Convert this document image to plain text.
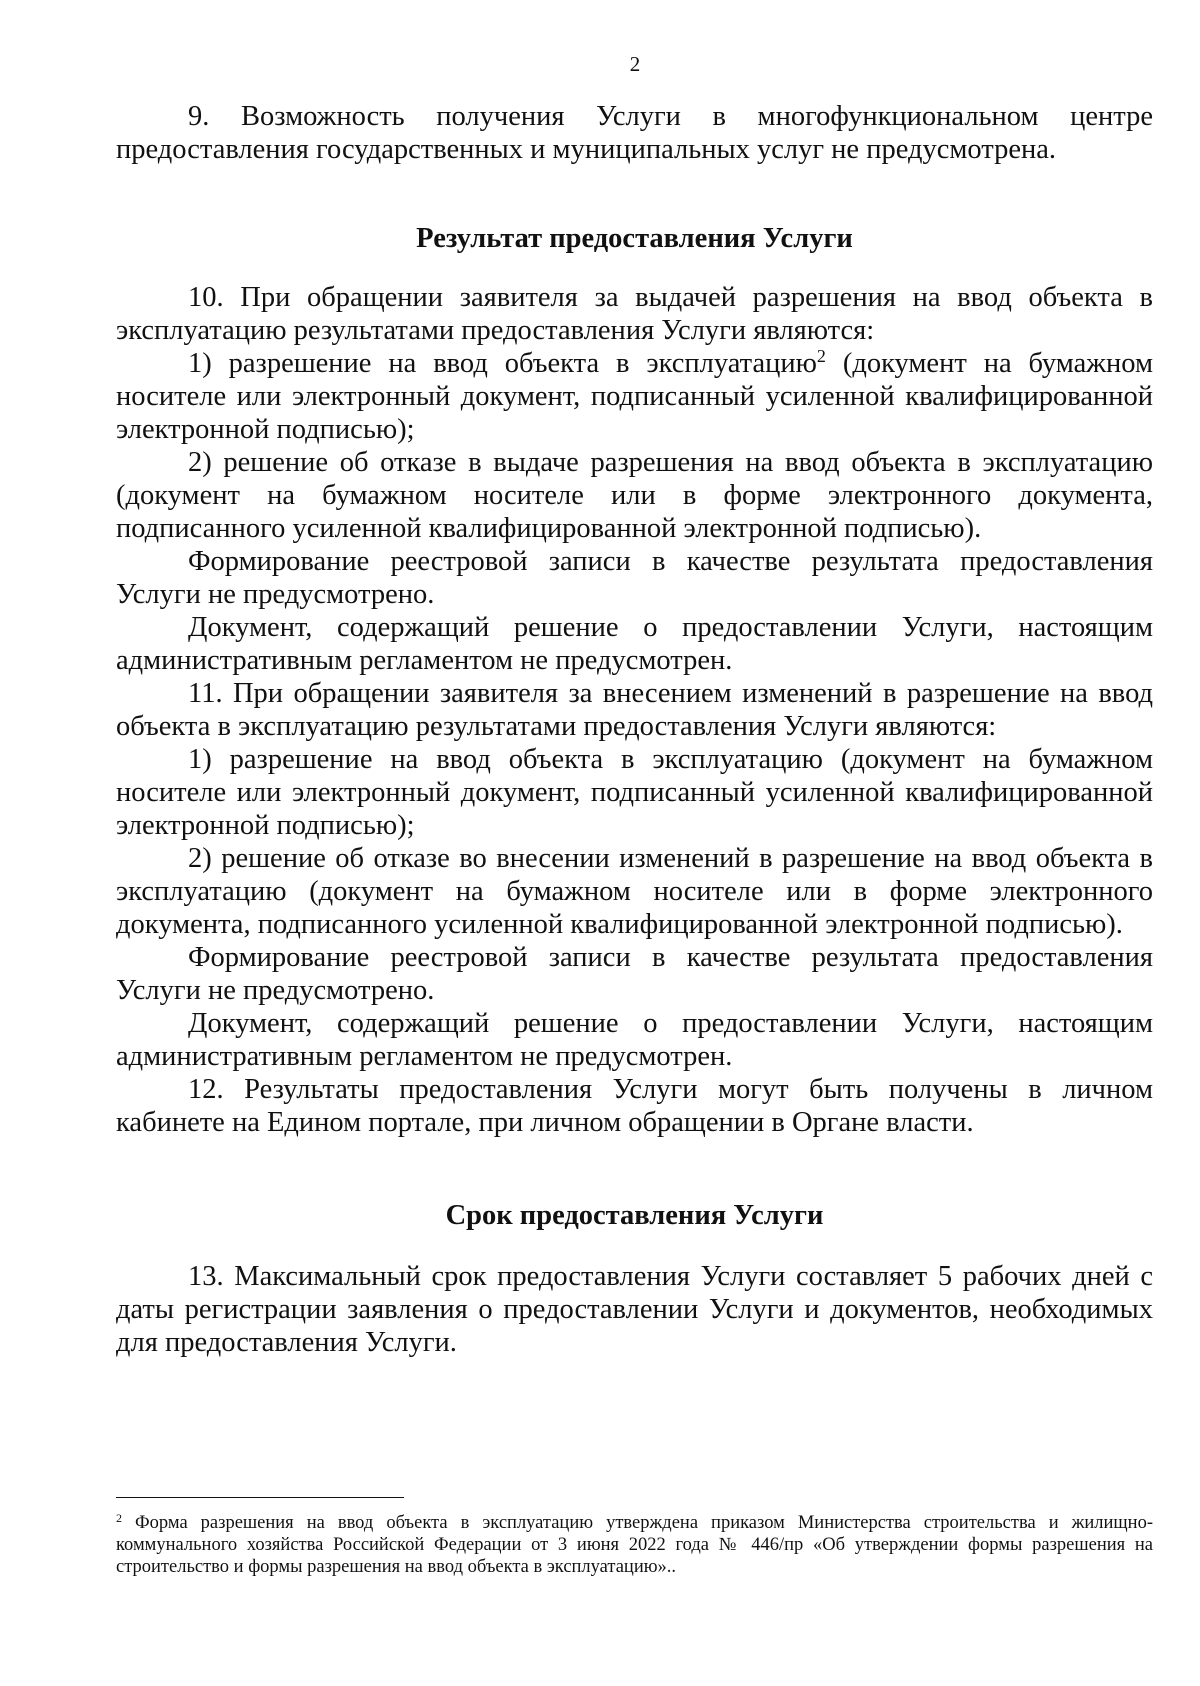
2

9. Возможность получения Услуги в многофункциональном центре предоставления государственных и муниципальных услуг не предусмотрена.

Результат предоставления Услуги

10. При обращении заявителя за выдачей разрешения на ввод объекта в эксплуатацию результатами предоставления Услуги являются:

1) разрешение на ввод объекта в эксплуатацию$^2$ (документ на бумажном носителе или электронный документ, подписанный усиленной квалифицированной электронной подписью);

2) решение об отказе в выдаче разрешения на ввод объекта в эксплуатацию (документ на бумажном носителе или в форме электронного документа, подписанного усиленной квалифицированной электронной подписью).

Формирование реестровой записи в качестве результата предоставления Услуги не предусмотрено.

Документ, содержащий решение о предоставлении Услуги, настоящим административным регламентом не предусмотрен.

11. При обращении заявителя за внесением изменений в разрешение на ввод объекта в эксплуатацию результатами предоставления Услуги являются:

1) разрешение на ввод объекта в эксплуатацию (документ на бумажном носителе или электронный документ, подписанный усиленной квалифицированной электронной подписью);

2) решение об отказе во внесении изменений в разрешение на ввод объекта в эксплуатацию (документ на бумажном носителе или в форме электронного документа, подписанного усиленной квалифицированной электронной подписью).

Формирование реестровой записи в качестве результата предоставления Услуги не предусмотрено.

Документ, содержащий решение о предоставлении Услуги, настоящим административным регламентом не предусмотрен.

12. Результаты предоставления Услуги могут быть получены в личном кабинете на Едином портале, при личном обращении в Органе власти.

Срок предоставления Услуги

13. Максимальный срок предоставления Услуги составляет 5 рабочих дней с даты регистрации заявления о предоставлении Услуги и документов, необходимых для предоставления Услуги.

$^2$ Форма разрешения на ввод объекта в эксплуатацию утверждена приказом Министерства строительства и жилищно-коммунального хозяйства Российской Федерации от 3 июня 2022 года № 446/пр «Об утверждении формы разрешения на строительство и формы разрешения на ввод объекта в эксплуатацию»..
